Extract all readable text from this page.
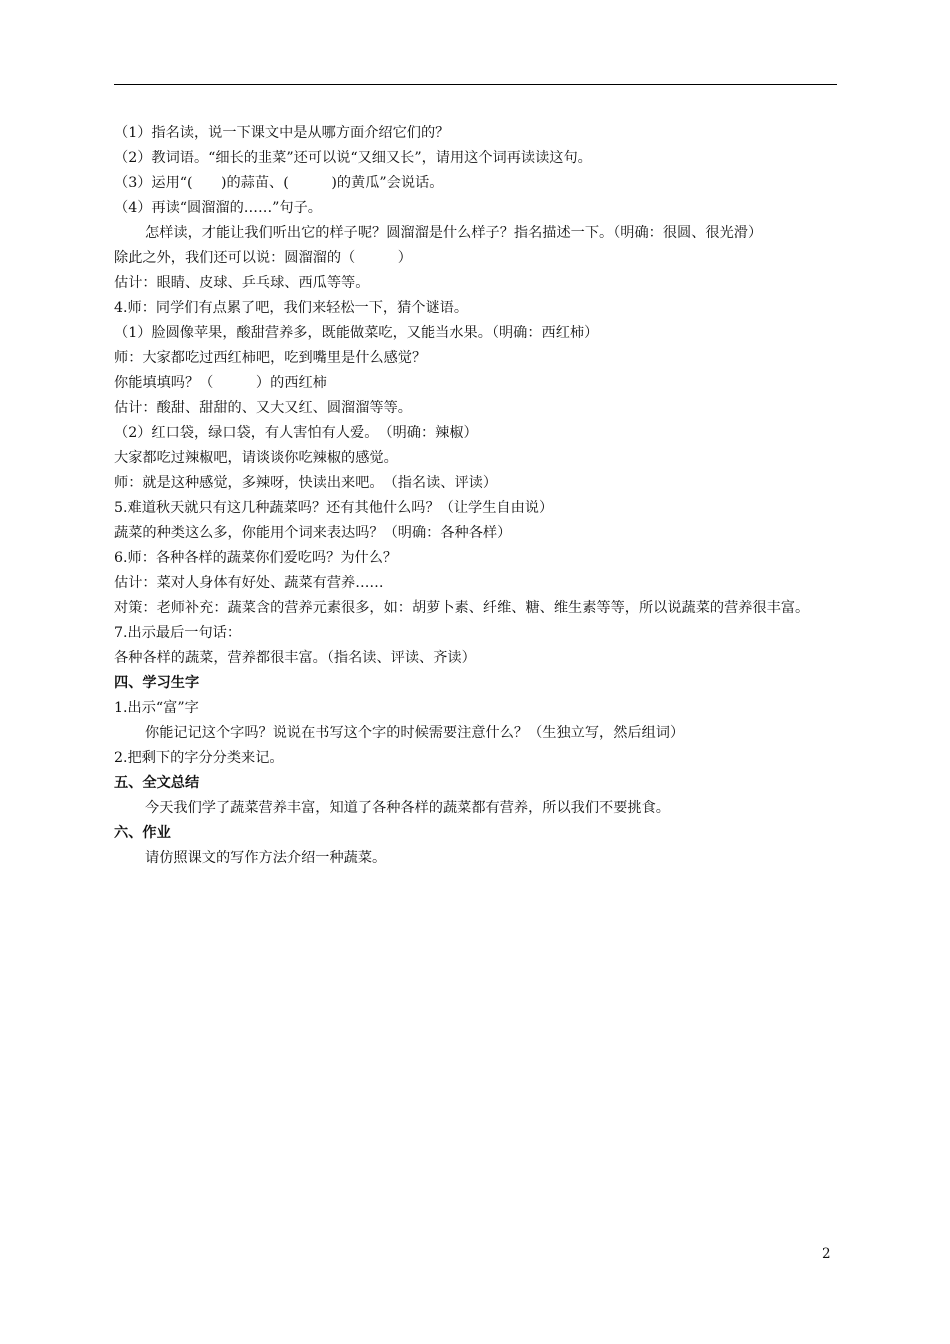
（1）指名读，说一下课文中是从哪方面介绍它们的？

（2）教词语。“细长的韭菜”还可以说“又细又长”，请用这个词再读读这句。

（3）运用“(　　)的蒜苗、(　　　)的黄瓜”会说话。

（4）再读“圆溜溜的……”句子。

怎样读，才能让我们听出它的样子呢？圆溜溜是什么样子？指名描述一下。（明确：很圆、很光滑）

除此之外，我们还可以说：圆溜溜的（　　　）

估计：眼睛、皮球、乒乓球、西瓜等等。

4.师：同学们有点累了吧，我们来轻松一下，猜个谜语。

（1）脸圆像苹果，酸甜营养多，既能做菜吃，又能当水果。（明确：西红柿）

师：大家都吃过西红柿吧，吃到嘴里是什么感觉？

你能填填吗？（　　　）的西红柿

估计：酸甜、甜甜的、又大又红、圆溜溜等等。

（2）红口袋，绿口袋，有人害怕有人爱。　（明确：辣椒）

大家都吃过辣椒吧，请谈谈你吃辣椒的感觉。

师：就是这种感觉，多辣呀，快读出来吧。　（指名读、评读）

5.难道秋天就只有这几种蔬菜吗？还有其他什么吗？（让学生自由说）

蔬菜的种类这么多，你能用个词来表达吗？（明确：各种各样）

6.师：各种各样的蔬菜你们爱吃吗？为什么？

估计：菜对人身体有好处、蔬菜有营养……

对策：老师补充：蔬菜含的营养元素很多，如：胡萝卜素、纤维、糖、维生素等等，所以说蔬菜的营养很丰富。

7.出示最后一句话：

各种各样的蔬菜，营养都很丰富。（指名读、评读、齐读）

四、学习生字

1.出示“富”字

你能记记这个字吗？说说在书写这个字的时候需要注意什么？（生独立写，然后组词）

2.把剩下的字分分类来记。

五、全文总结

今天我们学了蔬菜营养丰富，知道了各种各样的蔬菜都有营养，所以我们不要挑食。

六、作业

请仿照课文的写作方法介绍一种蔬菜。

2
